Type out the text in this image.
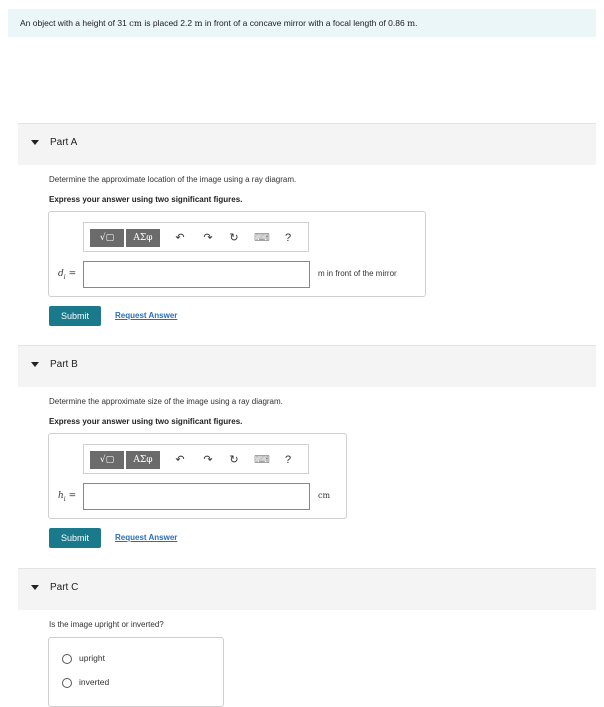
An object with a height of 31 cm is placed 2.2 m in front of a concave mirror with a focal length of 0.86 m.
Part A
Determine the approximate location of the image using a ray diagram.
Express your answer using two significant figures.
√▢	ΑΣφ	↶	↷	↻	⌨	?
$d_i$ =	m in front of the mirror
Submit	Request Answer
Part B
Determine the approximate size of the image using a ray diagram.
Express your answer using two significant figures.
√▢	ΑΣφ	↶	↷	↻	⌨	?
$h_i$ =	cm
Submit	Request Answer
Part C
Is the image upright or inverted?
upright
inverted
